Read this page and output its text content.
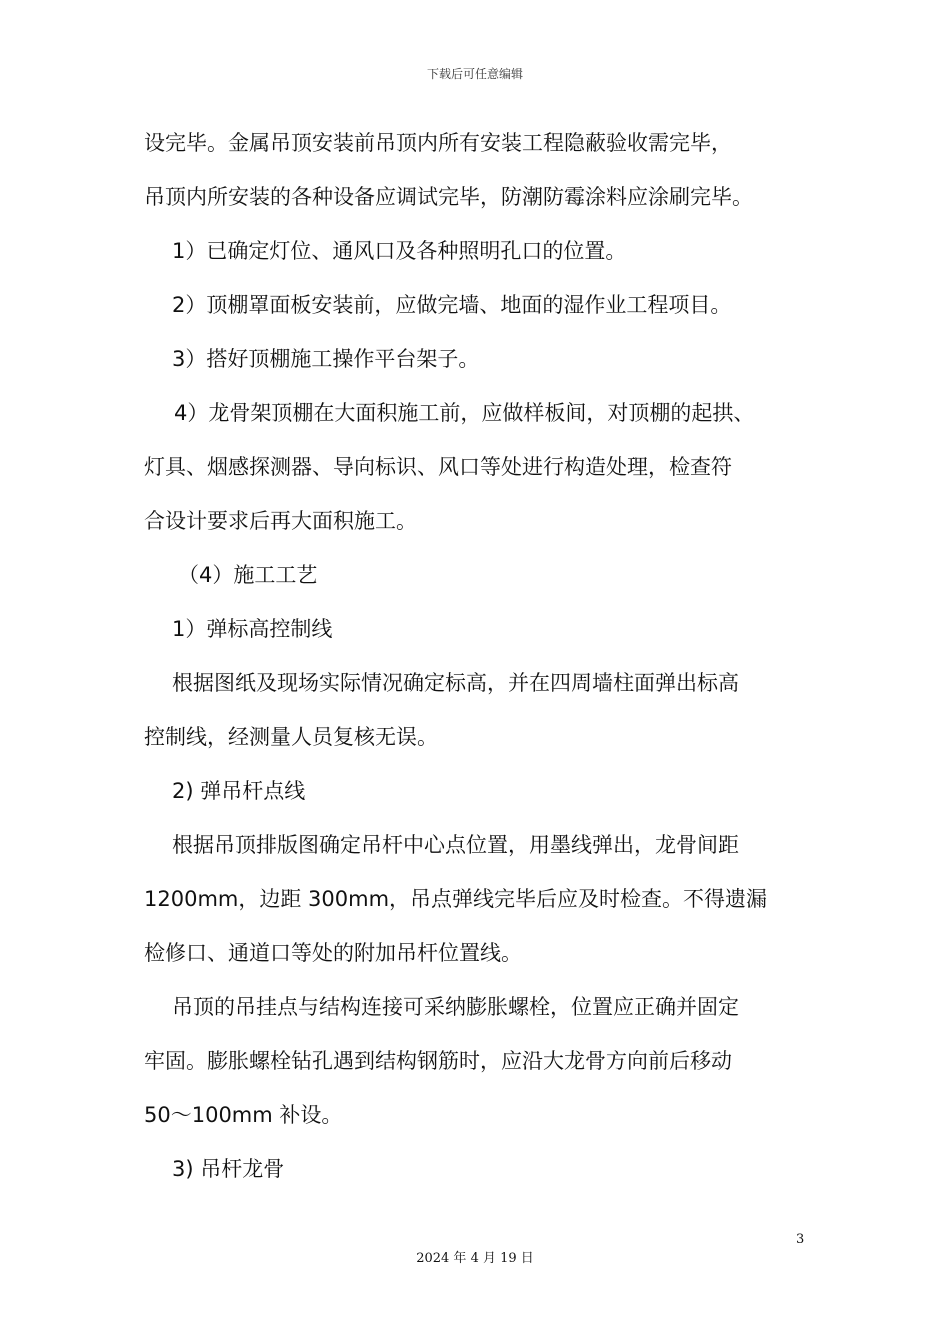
下载后可任意编辑
设完毕。金属吊顶安装前吊顶内所有安装工程隐蔽验收需完毕，
吊顶内所安装的各种设备应调试完毕，防潮防霉涂料应涂刷完毕。
1）已确定灯位、通风口及各种照明孔口的位置。
2）顶棚罩面板安装前，应做完墙、地面的湿作业工程项目。
3）搭好顶棚施工操作平台架子。
4）龙骨架顶棚在大面积施工前，应做样板间，对顶棚的起拱、
灯具、烟感探测器、导向标识、风口等处进行构造处理，检查符
合设计要求后再大面积施工。
（4）施工工艺
1）弹标高控制线
根据图纸及现场实际情况确定标高，并在四周墙柱面弹出标高
控制线，经测量人员复核无误。
2) 弹吊杆点线
根据吊顶排版图确定吊杆中心点位置，用墨线弹出，龙骨间距
1200mm，边距 300mm，吊点弹线完毕后应及时检查。不得遗漏
检修口、通道口等处的附加吊杆位置线。
吊顶的吊挂点与结构连接可采纳膨胀螺栓，位置应正确并固定
牢固。膨胀螺栓钻孔遇到结构钢筋时，应沿大龙骨方向前后移动
50～100mm 补设。
3) 吊杆龙骨
3
2024 年 4 月 19 日
